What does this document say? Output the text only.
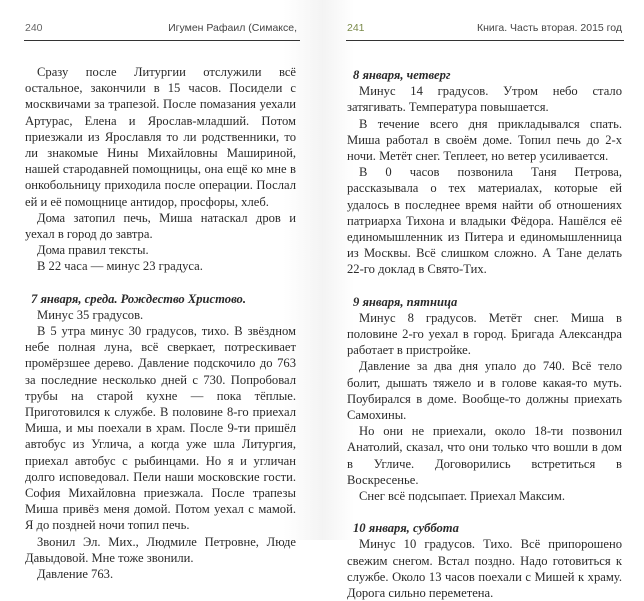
240	Игумен Рафаил (Симаксе,

Сразу после Литургии отслужили всё остальное, закончили в 15 часов. Посидели с москвичами за трапезой. После помазания уехали Артурас, Елена и Ярослав-младший. Потом приезжали из Ярославля то ли родственники, то ли знакомые Нины Михайловны Машириной, нашей стародавней помощницы, она ещё ко мне в онкобольницу приходила после операции. Послал ей и её помощнице антидор, просфоры, хлеб.

Дома затопил печь, Миша натаскал дров и уехал в город до завтра.

Дома правил тексты.

В 22 часа — минус 23 градуса.

7 января, среда. Рождество Христово.

Минус 35 градусов.

В 5 утра минус 30 градусов, тихо. В звёздном небе полная луна, всё сверкает, потрескивает промёрзшее дерево. Давление подскочило до 763 за последние несколько дней с 730. Попробовал трубы на старой кухне — пока тёплые. Приготовился к службе. В половине 8-го приехал Миша, и мы поехали в храм. После 9-ти пришёл автобус из Углича, а когда уже шла Литургия, приехал автобус с рыбинцами. Но я и угличан долго исповедовал. Пели наши московские гости. София Михайловна приезжала. После трапезы Миша привёз меня домой. Потом уехал с мамой. Я до поздней ночи топил печь.

Звонил Эл. Мих., Людмиле Петровне, Люде Давыдовой. Мне тоже звонили.

Давление 763.

241	Книга. Часть вторая. 2015 год

8 января, четверг

Минус 14 градусов. Утром небо стало затягивать. Температура повышается.

В течение всего дня прикладывался спать. Миша работал в своём доме. Топил печь до 2-х ночи. Метёт снег. Теплеет, но ветер усиливается.

В 0 часов позвонила Таня Петрова, рассказывала о тех материалах, которые ей удалось в последнее время найти об отношениях патриарха Тихона и владыки Фёдора. Нашёлся её единомышленник из Питера и единомышленница из Москвы. Всё слишком сложно. А Тане делать 22-го доклад в Свято-Тих.

9 января, пятница

Минус 8 градусов. Метёт снег. Миша в половине 2-го уехал в город. Бригада Александра работает в пристройке.

Давление за два дня упало до 740. Всё тело болит, дышать тяжело и в голове какая-то муть. Поубирался в доме. Вообще-то должны приехать Самохины.

Но они не приехали, около 18-ти позвонил Анатолий, сказал, что они только что вошли в дом в Угличе. Договорились встретиться в Воскресенье.

Снег всё подсыпает. Приехал Максим.

10 января, суббота

Минус 10 градусов. Тихо. Всё припорошено свежим снегом. Встал поздно. Надо готовиться к службе. Около 13 часов поехали с Мишей к храму. Дорога сильно переметена.
